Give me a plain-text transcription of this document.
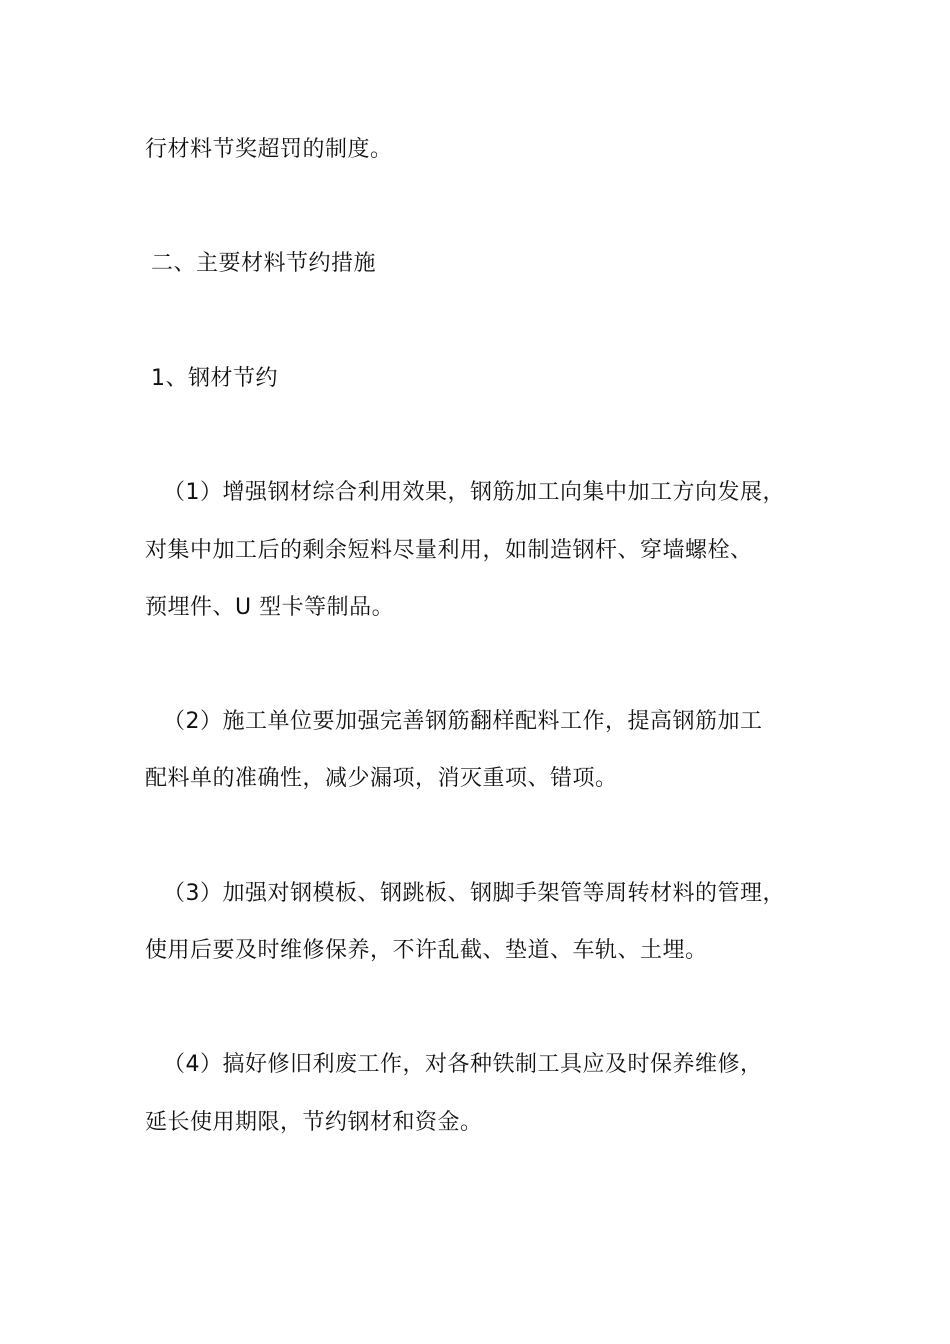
行材料节奖超罚的制度。
二、主要材料节约措施
1、钢材节约
（1）增强钢材综合利用效果，钢筋加工向集中加工方向发展，
对集中加工后的剩余短料尽量利用，如制造钢杆、穿墙螺栓、
预埋件、U 型卡等制品。
（2）施工单位要加强完善钢筋翻样配料工作，提高钢筋加工
配料单的准确性，减少漏项，消灭重项、错项。
（3）加强对钢模板、钢跳板、钢脚手架管等周转材料的管理，
使用后要及时维修保养，不许乱截、垫道、车轨、土埋。
（4）搞好修旧利废工作，对各种铁制工具应及时保养维修，
延长使用期限，节约钢材和资金。
